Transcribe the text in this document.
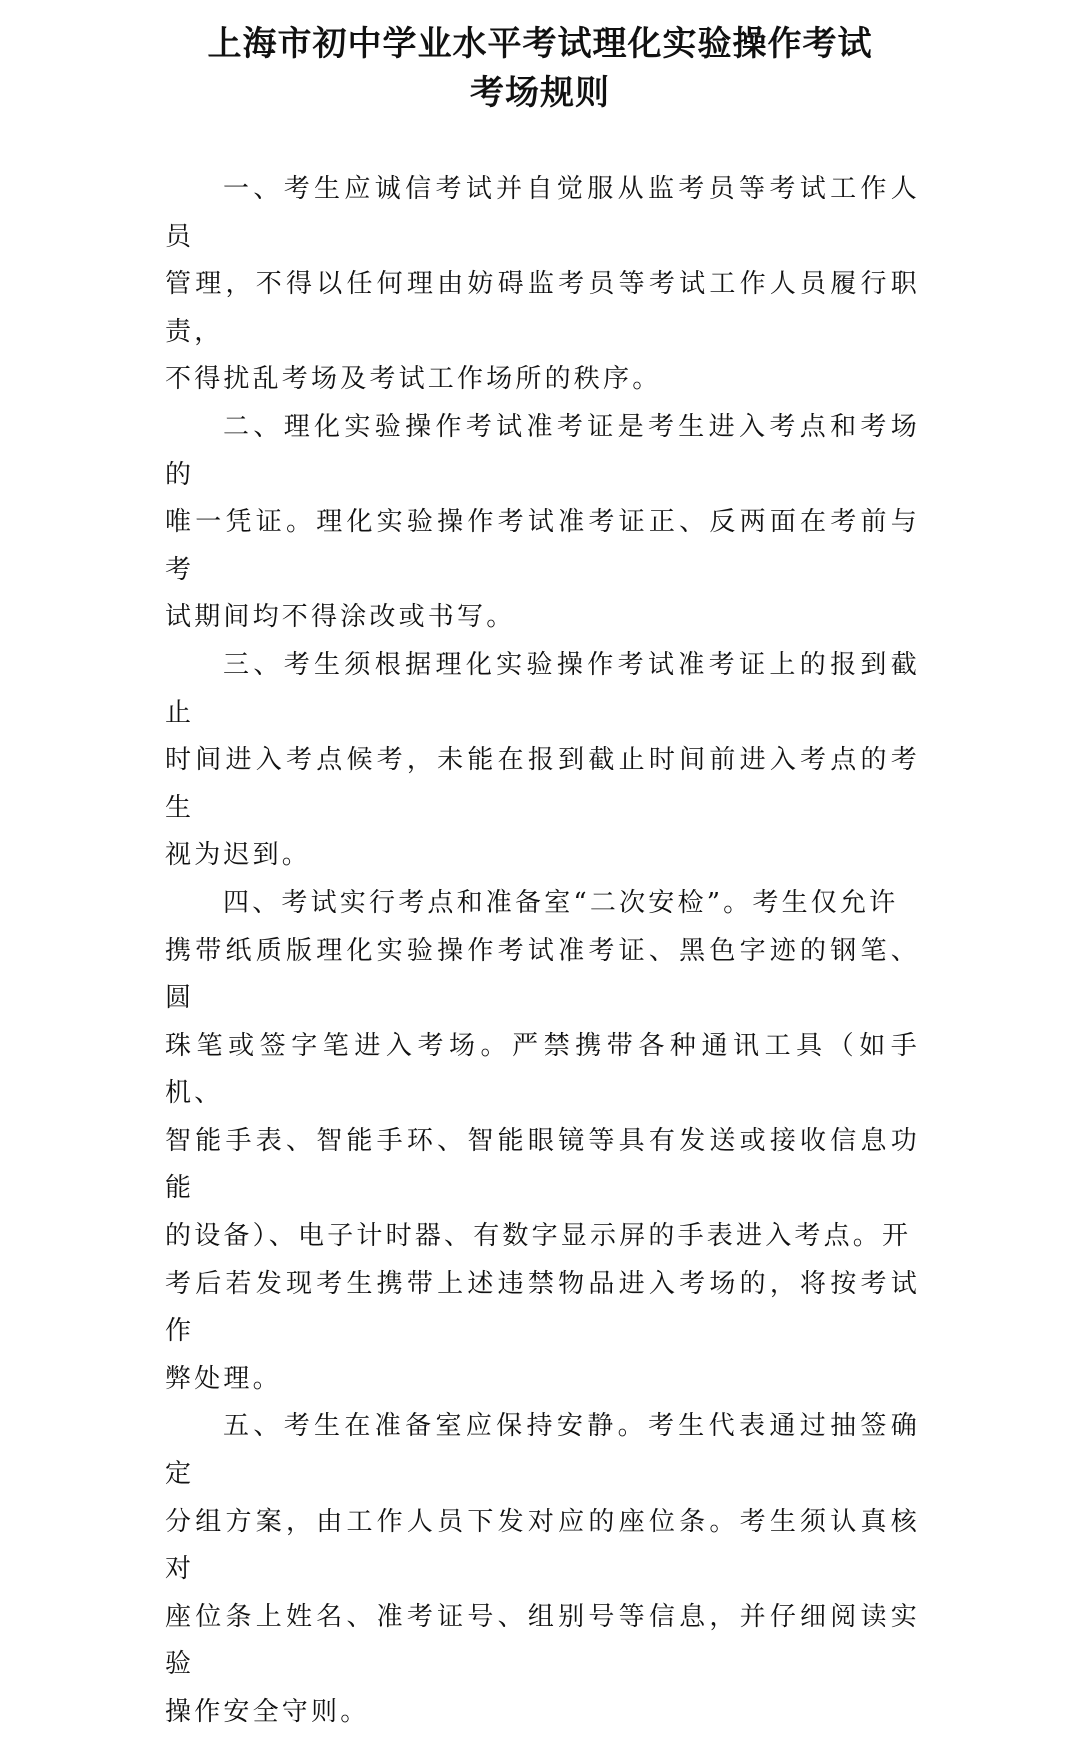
上海市初中学业水平考试理化实验操作考试
考场规则

一、考生应诚信考试并自觉服从监考员等考试工作人员
管理，不得以任何理由妨碍监考员等考试工作人员履行职责，
不得扰乱考场及考试工作场所的秩序。

二、理化实验操作考试准考证是考生进入考点和考场的
唯一凭证。理化实验操作考试准考证正、反两面在考前与考
试期间均不得涂改或书写。

三、考生须根据理化实验操作考试准考证上的报到截止
时间进入考点候考，未能在报到截止时间前进入考点的考生
视为迟到。

四、考试实行考点和准备室“二次安检”。考生仅允许
携带纸质版理化实验操作考试准考证、黑色字迹的钢笔、圆
珠笔或签字笔进入考场。严禁携带各种通讯工具（如手机、
智能手表、智能手环、智能眼镜等具有发送或接收信息功能
的设备）、电子计时器、有数字显示屏的手表进入考点。开
考后若发现考生携带上述违禁物品进入考场的，将按考试作
弊处理。

五、考生在准备室应保持安静。考生代表通过抽签确定
分组方案，由工作人员下发对应的座位条。考生须认真核对
座位条上姓名、准考证号、组别号等信息，并仔细阅读实验
操作安全守则。
